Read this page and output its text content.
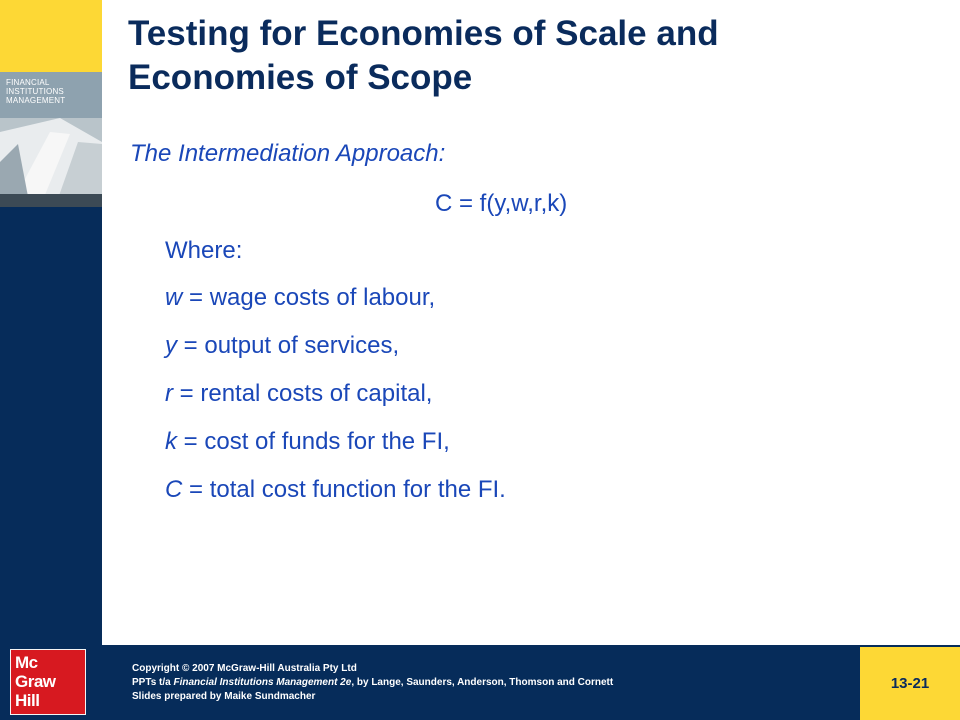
FINANCIAL
INSTITUTIONS
MANAGEMENT
Testing for Economies of Scale and
Economies of Scope
The Intermediation Approach:
C = f(y,w,r,k)
Where:
w = wage costs of labour,
y = output of services,
r = rental costs of capital,
k = cost of funds for the FI,
C = total cost function for the FI.
Mc
Graw
Hill
Copyright © 2007 McGraw-Hill Australia Pty Ltd
PPTs t/a Financial Institutions Management 2e, by Lange, Saunders, Anderson, Thomson and Cornett
Slides prepared by Maike Sundmacher
13-21
